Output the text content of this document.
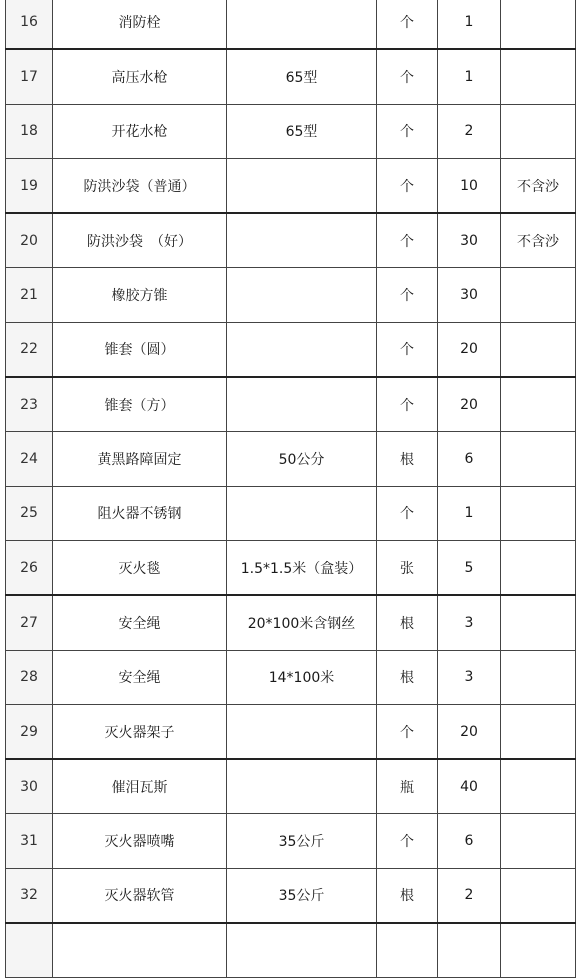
16	消防栓		个	1	
17	高压水枪	65型	个	1	
18	开花水枪	65型	个	2	
19	防洪沙袋（普通）		个	10	不含沙
20	防洪沙袋　（好）		个	30	不含沙
21	橡胶方锥		个	30	
22	锥套（圆）		个	20	
23	锥套（方）		个	20	
24	黄黑路障固定	50公分	根	6	
25	阻火器不锈钢		个	1	
26	灭火毯	1.5*1.5米（盒装）	张	5	
27	安全绳	20*100米含钢丝	根	3	
28	安全绳	14*100米	根	3	
29	灭火器架子		个	20	
30	催泪瓦斯		瓶	40	
31	灭火器喷嘴	35公斤	个	6	
32	灭火器软管	35公斤	根	2	
